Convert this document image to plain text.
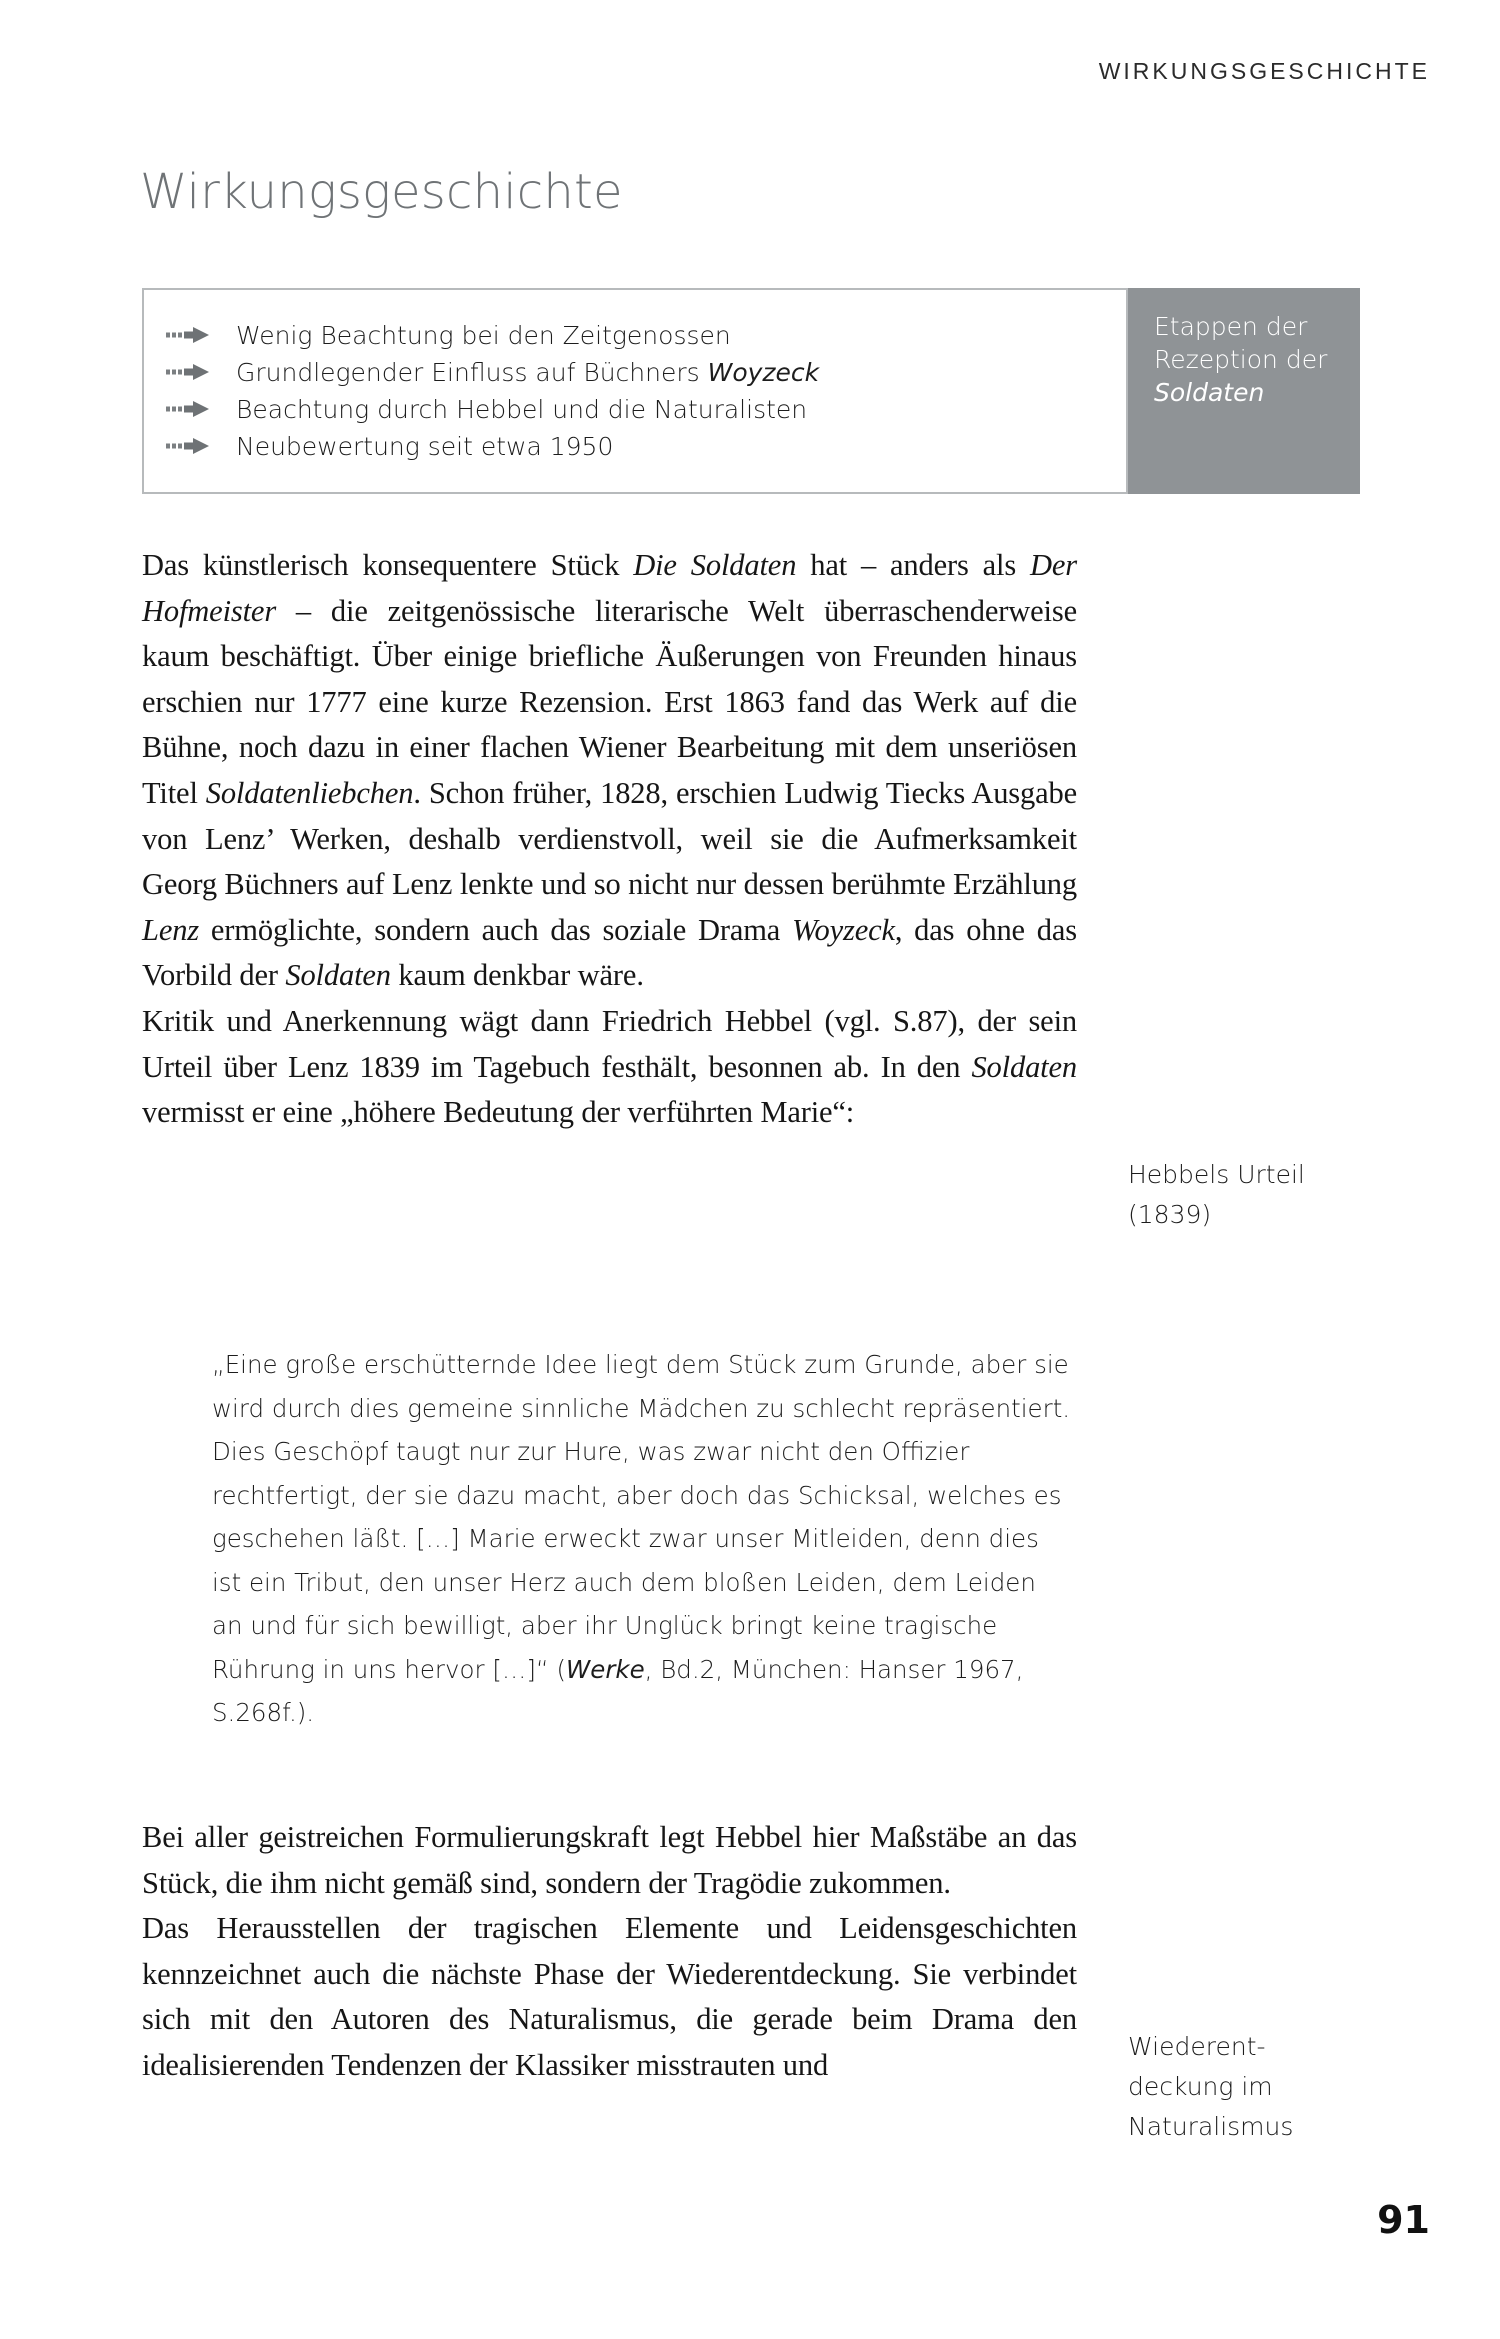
WIRKUNGSGESCHICHTE
Wirkungsgeschichte
Wenig Beachtung bei den Zeitgenossen
Grundlegender Einfluss auf Büchners Woyzeck
Beachtung durch Hebbel und die Naturalisten
Neubewertung seit etwa 1950
Etappen der
Rezeption der
Soldaten

Das künstlerisch konsequentere Stück Die Soldaten hat – anders als Der Hofmeister – die zeitgenössische literarische Welt überraschenderweise kaum beschäftigt. Über einige briefliche Äußerungen von Freunden hinaus erschien nur 1777 eine kurze Rezension. Erst 1863 fand das Werk auf die Bühne, noch dazu in einer flachen Wiener Bearbeitung mit dem unseriösen Titel Soldatenliebchen. Schon früher, 1828, erschien Ludwig Tiecks Ausgabe von Lenz’ Werken, deshalb verdienstvoll, weil sie die Aufmerksamkeit Georg Büchners auf Lenz lenkte und so nicht nur dessen berühmte Erzählung Lenz ermöglichte, sondern auch das soziale Drama Woyzeck, das ohne das Vorbild der Soldaten kaum denkbar wäre.

Kritik und Anerkennung wägt dann Friedrich Hebbel (vgl. S.87), der sein Urteil über Lenz 1839 im Tagebuch festhält, besonnen ab. In den Soldaten vermisst er eine „höhere Bedeutung der verführten Marie“:

Bei aller geistreichen Formulierungskraft legt Hebbel hier Maßstäbe an das Stück, die ihm nicht gemäß sind, sondern der Tragödie zukommen.

Das Herausstellen der tragischen Elemente und Leidensgeschichten kennzeichnet auch die nächste Phase der Wiederentdeckung. Sie verbindet sich mit den Autoren des Naturalismus, die gerade beim Drama den idealisierenden Tendenzen der Klassiker misstrauten und

„Eine große erschütternde Idee liegt dem Stück zum Grunde, aber sie wird durch dies gemeine sinnliche Mädchen zu schlecht repräsentiert. Dies Geschöpf taugt nur zur Hure, was zwar nicht den Offizier rechtfertigt, der sie dazu macht, aber doch das Schicksal, welches es geschehen läßt. […] Marie erweckt zwar unser Mitleiden, denn dies ist ein Tribut, den unser Herz auch dem bloßen Leiden, dem Leiden an und für sich bewilligt, aber ihr Unglück bringt keine tragische Rührung in uns hervor […]“ (Werke, Bd.2, München: Hanser 1967, S.268f.).
Hebbels Urteil (1839)
Wiederent- deckung im Naturalismus
91
